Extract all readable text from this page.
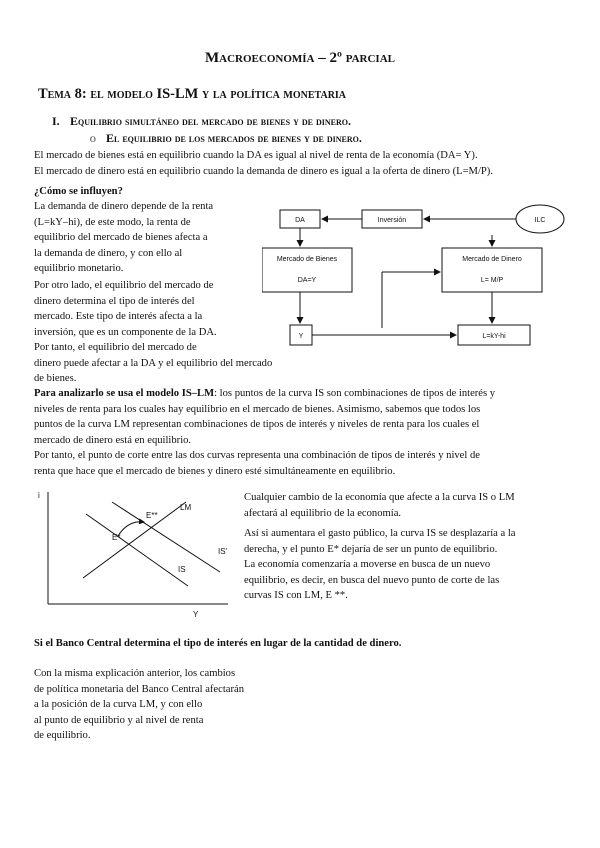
Macroeconomía – 2º parcial
Tema 8: el modelo IS-LM y la política monetaria
I. Equilibrio simultáneo del mercado de bienes y de dinero.
o El equilibrio de los mercados de bienes y de dinero.
El mercado de bienes está en equilibrio cuando la DA es igual al nivel de renta de la economía (DA= Y).
El mercado de dinero está en equilibrio cuando la demanda de dinero es igual a la oferta de dinero (L=M/P).
¿Cómo se influyen?
La demanda de dinero depende de la renta
(L=kY–hi), de este modo, la renta de
equilibrio del mercado de bienes afecta a
la demanda de dinero, y con ello al
equilibrio monetario.
Por otro lado, el equilibrio del mercado de
dinero determina el tipo de interés del
mercado. Este tipo de interés afecta a la
inversión, que es un componente de la DA.
Por tanto, el equilibrio del mercado de
dinero puede afectar a la DA y el equilibrio del mercado de bienes.
DA	Inversión	ILC
Mercado de Bienes
DA=Y
Mercado de Dinero
L= M/P
Y	L=kY-hi
Para analizarlo se usa el modelo IS–LM: los puntos de la curva IS son combinaciones de tipos de interés y
niveles de renta para los cuales hay equilibrio en el mercado de bienes. Asimismo, sabemos que todos los
puntos de la curva LM representan combinaciones de tipos de interés y niveles de renta para los cuales el
mercado de dinero está en equilibrio.
Por tanto, el punto de corte entre las dos curvas representa una combinación de tipos de interés y nivel de
renta que hace que el mercado de bienes y dinero esté simultáneamente en equilibrio.
i
Y
LM
IS
IS'
E*
E**
Cualquier cambio de la economía que afecte a la curva IS o LM
afectará al equilibrio de la economía.
Así si aumentara el gasto público, la curva IS se desplazaría a la
derecha, y el punto E* dejaría de ser un punto de equilibrio.
La economía comenzaría a moverse en busca de un nuevo
equilibrio, es decir, en busca del nuevo punto de corte de las
curvas IS con LM, E **.
Si el Banco Central determina el tipo de interés en lugar de la cantidad de dinero.
Con la misma explicación anterior, los cambios
de política monetaria del Banco Central afectarán
a la posición de la curva LM, y con ello
al punto de equilibrio y al nivel de renta
de equilibrio.
